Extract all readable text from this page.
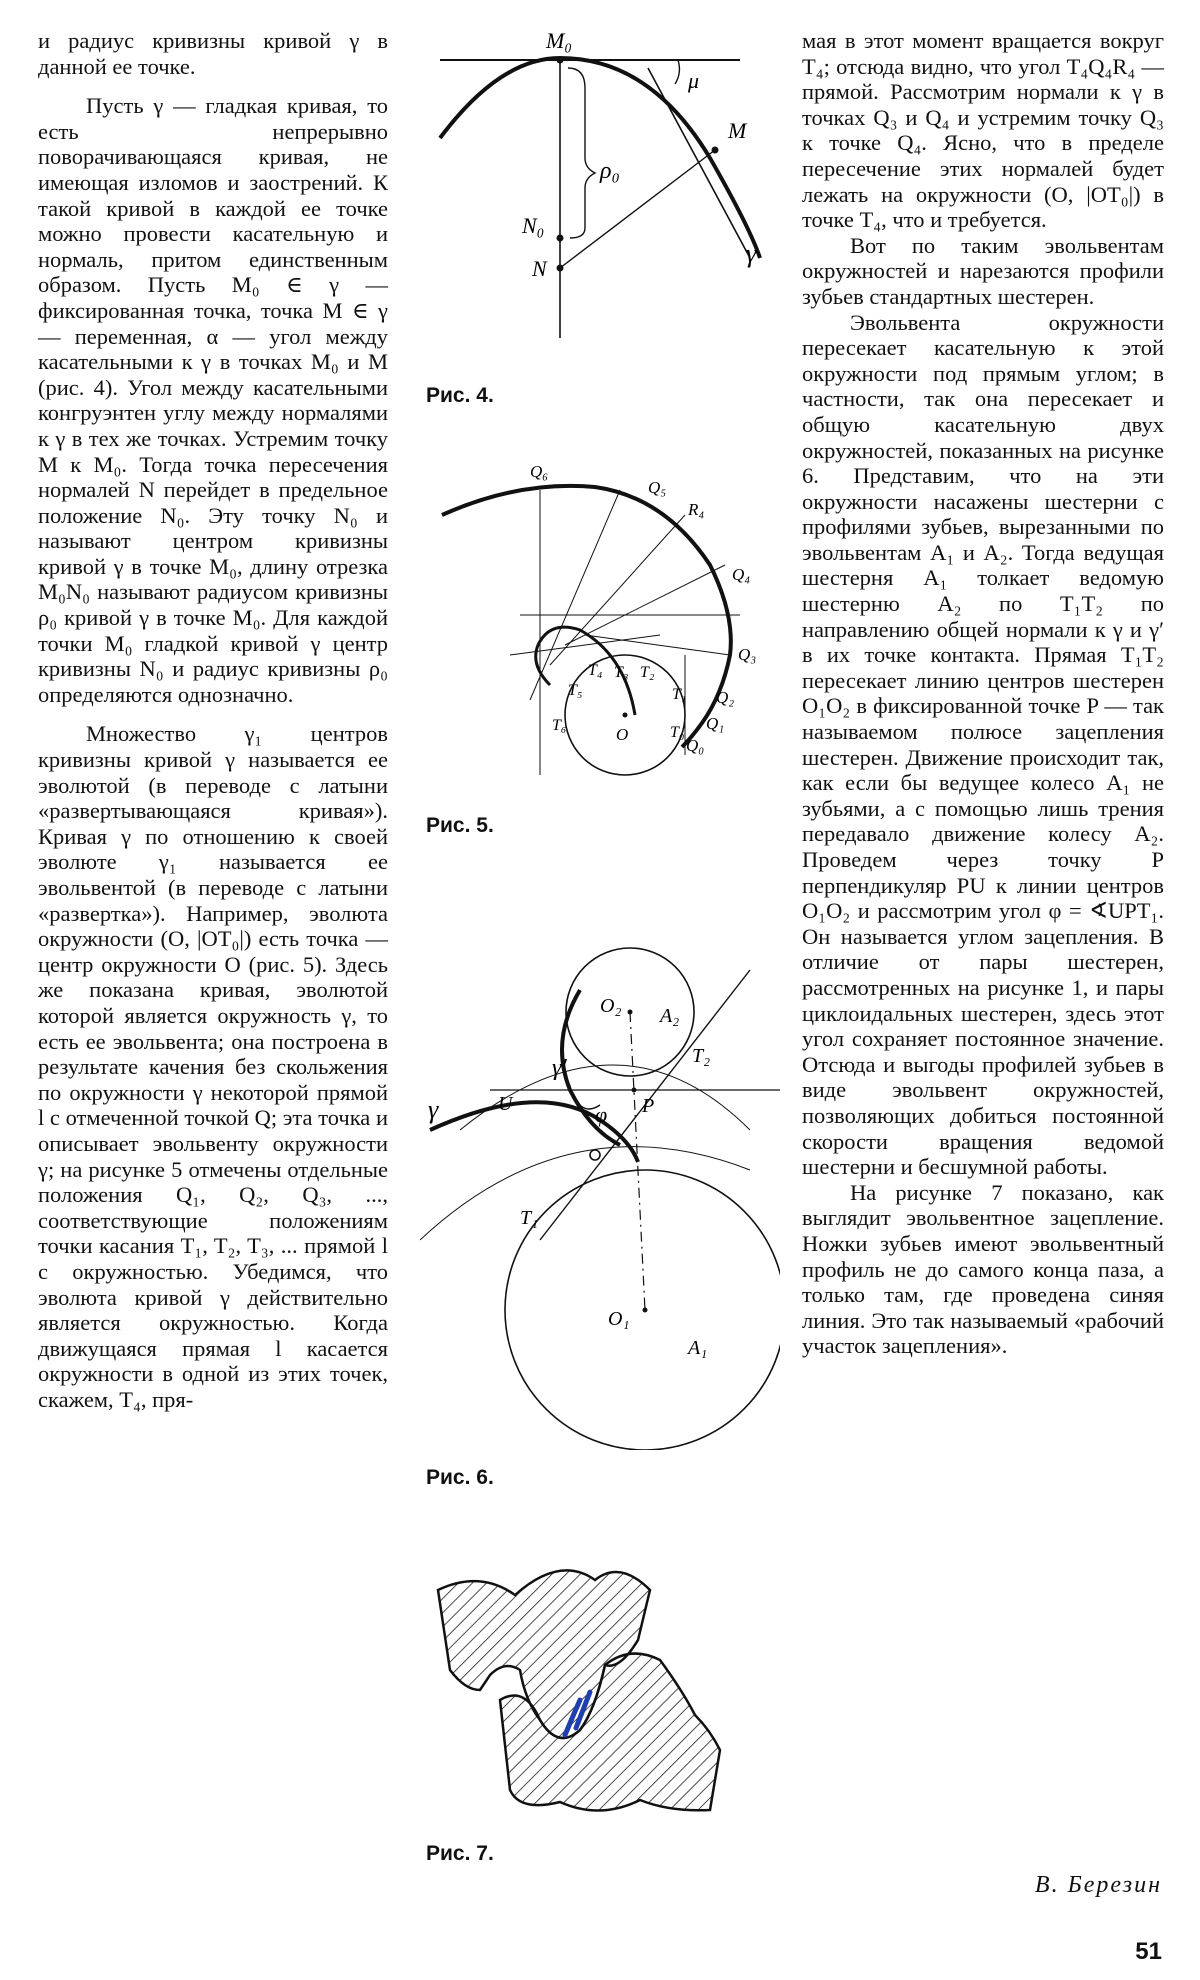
и радиус кривизны кривой γ в данной ее точке.

Пусть γ — гладкая кривая, то есть непрерывно поворачивающаяся кривая, не имеющая изломов и заострений. К такой кривой в каждой ее точке можно провести касательную и нормаль, притом единственным образом. Пусть M₀ ∈ γ — фиксированная точка, точка M ∈ γ — переменная, α — угол между касательными к γ в точках M₀ и M (рис. 4). Угол между касательными конгруэнтен углу между нормалями к γ в тех же точках. Устремим точку M к M₀. Тогда точка пересечения нормалей N перейдет в предельное положение N₀. Эту точку N₀ и называют центром кривизны кривой γ в точке M₀, длину отрезка M₀N₀ называют радиусом кривизны ρ₀ кривой γ в точке M₀. Для каждой точки M₀ гладкой кривой γ центр кривизны N₀ и радиус кривизны ρ₀ определяются однозначно.

Множество γ₁ центров кривизны кривой γ называется ее эволютой (в переводе с латыни «развертывающаяся кривая»). Кривая γ по отношению к своей эволюте γ₁ называется ее эвольвентой (в переводе с латыни «развертка»). Например, эволюта окружности (O, |OT₀|) есть точка — центр окружности O (рис. 5). Здесь же показана кривая, эволютой которой является окружность γ, то есть ее эвольвента; она построена в результате качения без скольжения по окружности γ некоторой прямой l с отмеченной точкой Q; эта точка и описывает эвольвенту окружности γ; на рисунке 5 отмечены отдельные положения Q₁, Q₂, Q₃, ..., соответствующие положениям точки касания T₁, T₂, T₃, ... прямой l с окружностью. Убедимся, что эволюта кривой γ действительно является окружностью. Когда движущаяся прямая l касается окружности в одной из этих точек, скажем, T₄, пря-

мая в этот момент вращается вокруг T₄; отсюда видно, что угол T₄Q₄R₄ — прямой. Рассмотрим нормали к γ в точках Q₃ и Q₄ и устремим точку Q₃ к точке Q₄. Ясно, что в пределе пересечение этих нормалей будет лежать на окружности (O, |OT₀|) в точке T₄, что и требуется.

Вот по таким эвольвентам окружностей и нарезаются профили зубьев стандартных шестерен.

Эвольвента окружности пересекает касательную к этой окружности под прямым углом; в частности, так она пересекает и общую касательную двух окружностей, показанных на рисунке 6. Представим, что на эти окружности насажены шестерни с профилями зубьев, вырезанными по эвольвентам A₁ и A₂. Тогда ведущая шестерня A₁ толкает ведомую шестерню A₂ по T₁T₂ по направлению общей нормали к γ и γ′ в их точке контакта. Прямая T₁T₂ пересекает линию центров шестерен O₁O₂ в фиксированной точке P — так называемом полюсе зацепления шестерен. Движение происходит так, как если бы ведущее колесо A₁ не зубьями, а с помощью лишь трения передавало движение колесу A₂. Проведем через точку P перпендикуляр PU к линии центров O₁O₂ и рассмотрим угол φ = ∢UPT₁. Он называется углом зацепления. В отличие от пары шестерен, рассмотренных на рисунке 1, и пары циклоидальных шестерен, здесь этот угол сохраняет постоянное значение. Отсюда и выгоды профилей зубьев в виде эвольвент окружностей, позволяющих добиться постоянной скорости вращения ведомой шестерни и бесшумной работы.

На рисунке 7 показано, как выглядит эвольвентное зацепление. Ножки зубьев имеют эвольвентный профиль не до самого конца паза, а только там, где проведена синяя линия. Это так называемый «рабочий участок зацепления».

M₀
μ
M
ρ₀
N₀
N
γ
Рис. 4.
Q₆
Q₅
R₄
Q₄
Q₃
Q₂
Q₁
Q₀
T₀
T₁
T₂
T₃
T₄
T₅
T₆	O
Рис. 5.
O₂ A₂
T₂
γ′
γ	U	φ P
T₁
O₁
A₁
Рис. 6.
Рис. 7.
В. Березин
51
